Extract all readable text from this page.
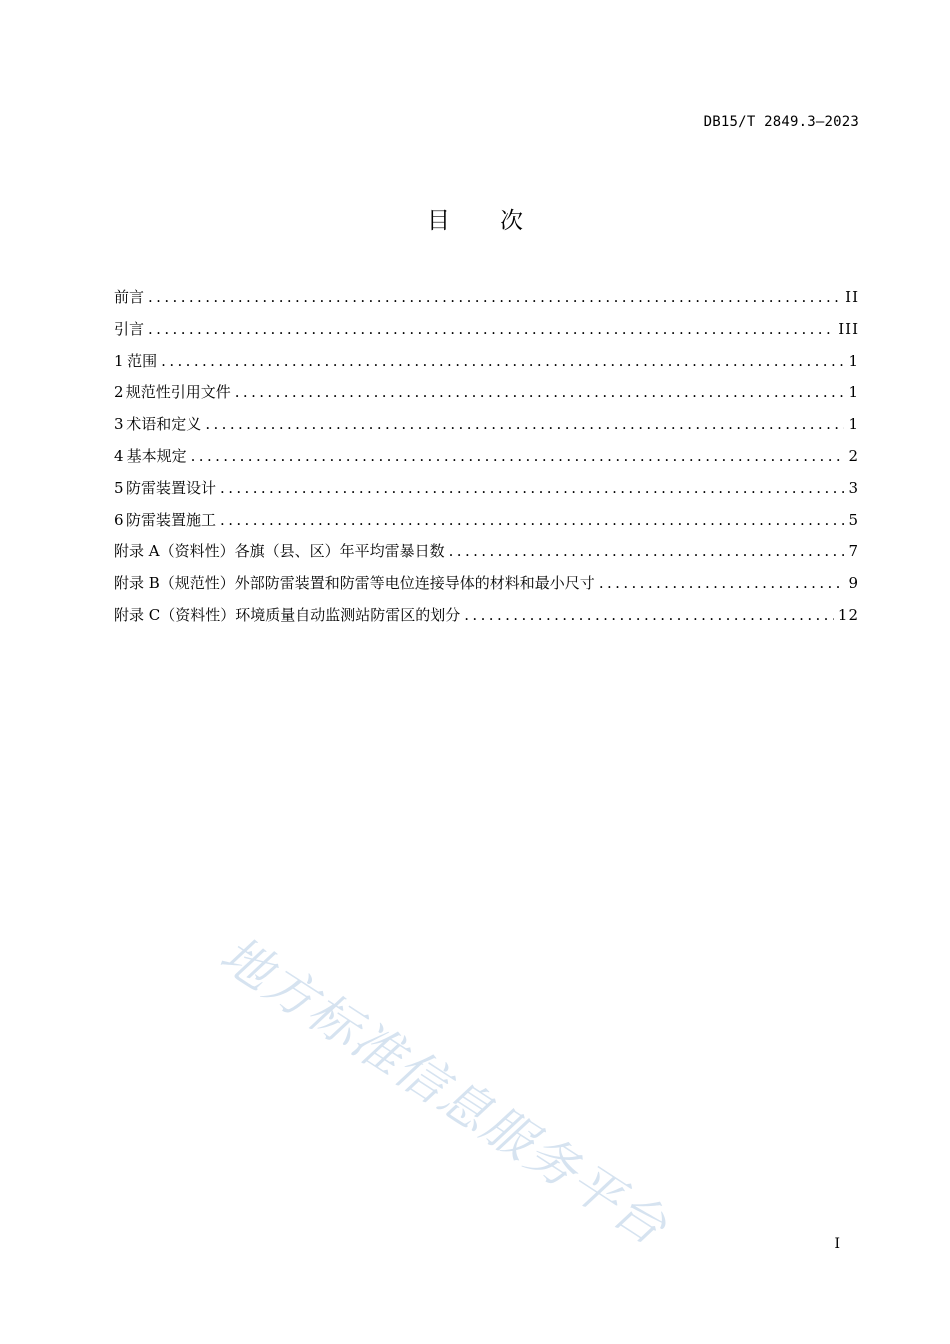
DB15/T 2849.3—2023
目次
前言 .....	II
引言 .....	III
1 范围 .....	1
2 规范性引用文件 .....	1
3 术语和定义 .....	1
4 基本规定 .....	2
5 防雷装置设计 .....	3
6 防雷装置施工 .....	5
附录 A（资料性） 各旗（县、区）年平均雷暴日数 .....	7
附录 B（规范性） 外部防雷装置和防雷等电位连接导体的材料和最小尺寸 .....	9
附录 C（资料性） 环境质量自动监测站防雷区的划分 .....	12
地方标准信息服务平台	I
